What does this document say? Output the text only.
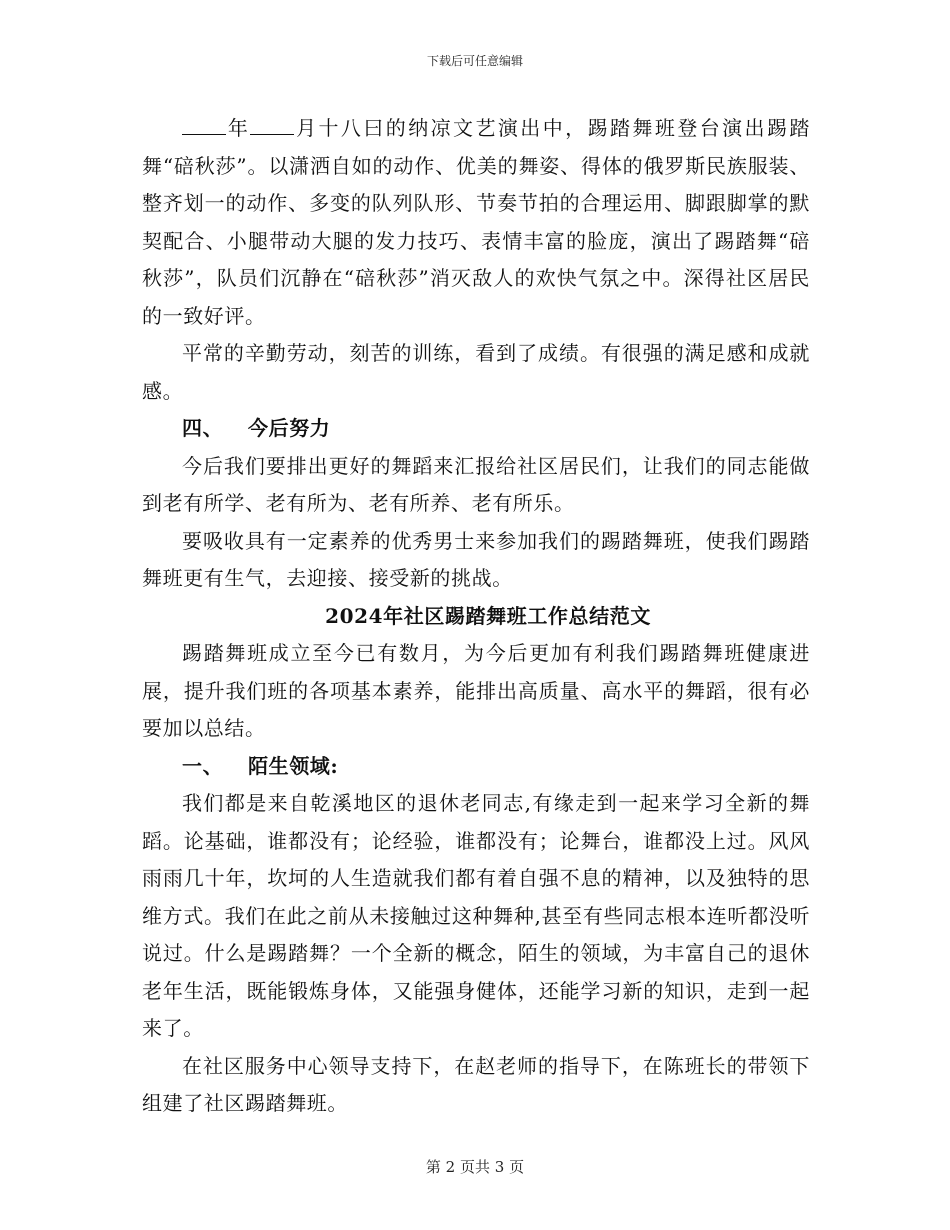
下载后可任意编辑

年 月十八曰的纳凉文艺演出中，踢踏舞班登台演出踢踏舞“碚秋莎”。以潇洒自如的动作、优美的舞姿、得体的俄罗斯民族服装、整齐划一的动作、多变的队列队形、节奏节拍的合理运用、脚跟脚掌的默契配合、小腿带动大腿的发力技巧、表情丰富的脸庞，演出了踢踏舞“碚秋莎”，队员们沉静在“碚秋莎”消灭敌人的欢快气氛之中。深得社区居民的一致好评。

平常的辛勤劳动，刻苦的训练，看到了成绩。有很强的满足感和成就感。

四、 今后努力

今后我们要排出更好的舞蹈来汇报给社区居民们，让我们的同志能做到老有所学、老有所为、老有所养、老有所乐。

要吸收具有一定素养的优秀男士来参加我们的踢踏舞班，使我们踢踏舞班更有生气，去迎接、接受新的挑战。

2024年社区踢踏舞班工作总结范文

踢踏舞班成立至今已有数月，为今后更加有利我们踢踏舞班健康进展，提升我们班的各项基本素养，能排出高质量、高水平的舞蹈，很有必要加以总结。

一、 陌生领域:

我们都是来自乾溪地区的退休老同志,有缘走到一起来学习全新的舞蹈。论基础，谁都没有；论经验，谁都没有；论舞台，谁都没上过。风风雨雨几十年，坎坷的人生造就我们都有着自强不息的精神，以及独特的思维方式。我们在此之前从未接触过这种舞种,甚至有些同志根本连听都没听说过。什么是踢踏舞？一个全新的概念，陌生的领域，为丰富自己的退休老年生活，既能锻炼身体，又能强身健体，还能学习新的知识，走到一起来了。

在社区服务中心领导支持下，在赵老师的指导下，在陈班长的带领下组建了社区踢踏舞班。

第 2 页共 3 页
